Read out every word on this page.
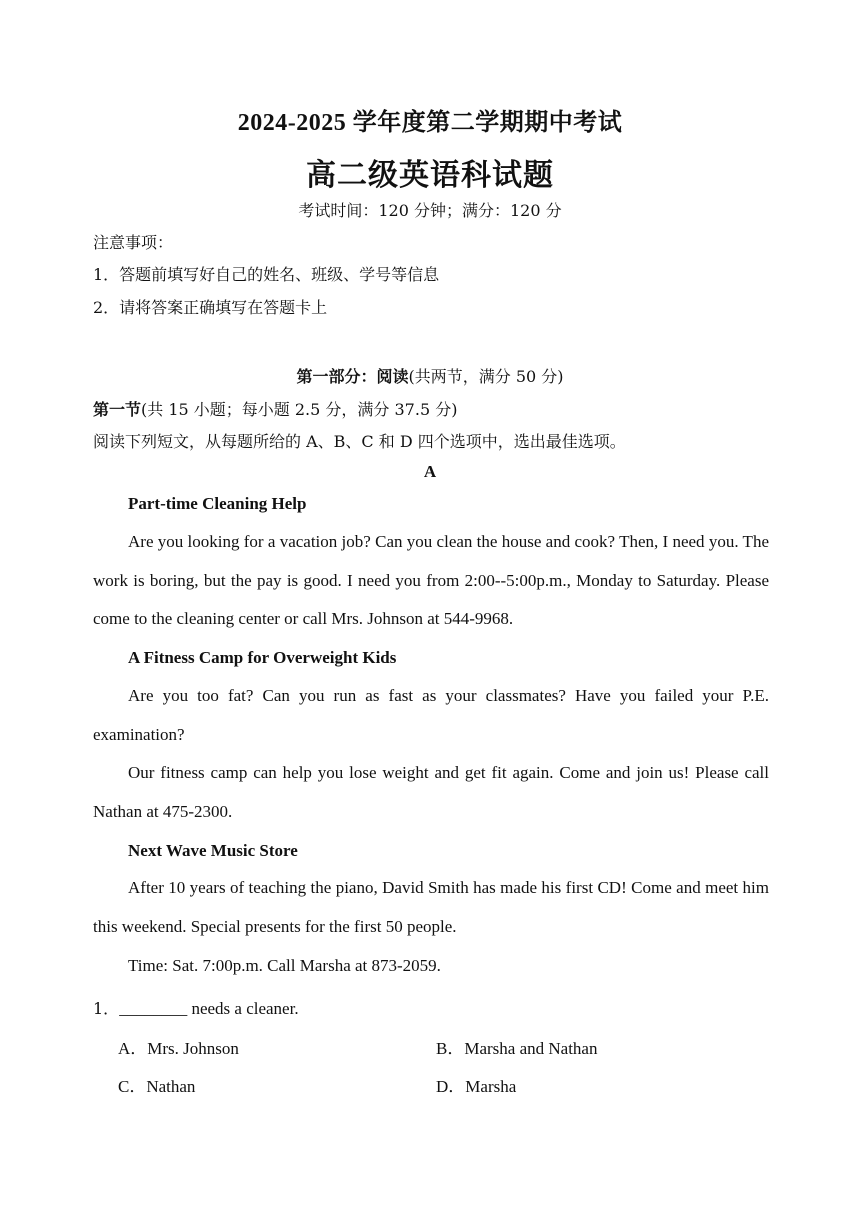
2024-2025 学年度第二学期期中考试
高二级英语科试题
考试时间：120 分钟；满分：120 分
注意事项：
1．答题前填写好自己的姓名、班级、学号等信息
2．请将答案正确填写在答题卡上
第一部分：阅读(共两节，满分 50 分)
第一节(共 15 小题；每小题 2.5 分，满分 37.5 分)
阅读下列短文，从每题所给的 A、B、C 和 D 四个选项中，选出最佳选项。
A
Part-time Cleaning Help
Are you looking for a vacation job? Can you clean the house and cook? Then, I need you. The work is boring, but the pay is good. I need you from 2:00--5:00p.m., Monday to Saturday. Please come to the cleaning center or call Mrs. Johnson at 544-9968.
A Fitness Camp for Overweight Kids
Are you too fat? Can you run as fast as your classmates? Have you failed your P.E. examination?
Our fitness camp can help you lose weight and get fit again. Come and join us! Please call Nathan at 475-2300.
Next Wave Music Store
After 10 years of teaching the piano, David Smith has made his first CD! Come and meet him this weekend. Special presents for the first 50 people.
Time: Sat. 7:00p.m. Call Marsha at 873-2059.
1．________ needs a cleaner.
A．Mrs. Johnson	B．Marsha and Nathan
C．Nathan	D．Marsha
